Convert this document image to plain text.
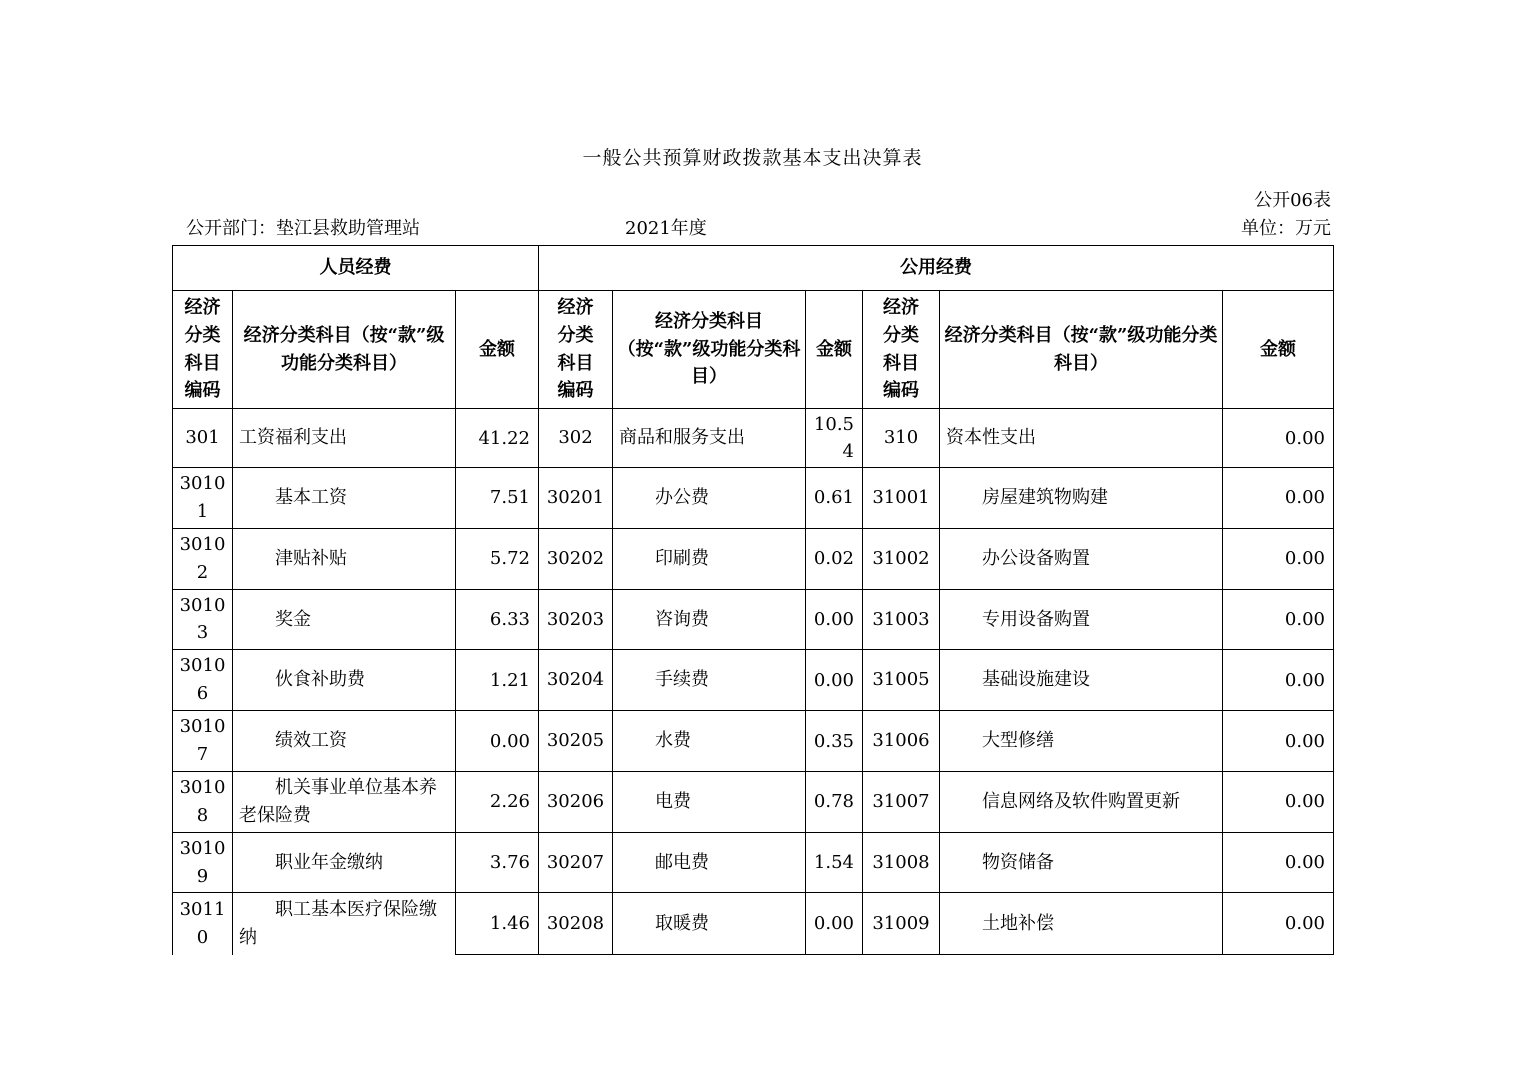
一般公共预算财政拨款基本支出决算表
公开06表
公开部门：垫江县救助管理站	2021年度	单位：万元
人员经费			公用经费					
经济分类科目编码	经济分类科目（按“款”级功能分类科目）	金额	经济分类科目编码	经济分类科目（按“款”级功能分类科目）	金额	经济分类科目编码	经济分类科目（按“款”级功能分类科目）	金额
301	工资福利支出	41.22	302	商品和服务支出	10.54	310	资本性支出	0.00
30101	基本工资	7.51	30201	办公费	0.61	31001	房屋建筑物购建	0.00
30102	津贴补贴	5.72	30202	印刷费	0.02	31002	办公设备购置	0.00
30103	奖金	6.33	30203	咨询费	0.00	31003	专用设备购置	0.00
30106	伙食补助费	1.21	30204	手续费	0.00	31005	基础设施建设	0.00
30107	绩效工资	0.00	30205	水费	0.35	31006	大型修缮	0.00
30108	机关事业单位基本养老保险费	2.26	30206	电费	0.78	31007	信息网络及软件购置更新	0.00
30109	职业年金缴纳	3.76	30207	邮电费	1.54	31008	物资储备	0.00
30110	职工基本医疗保险缴纳	1.46	30208	取暖费	0.00	31009	土地补偿	0.00
